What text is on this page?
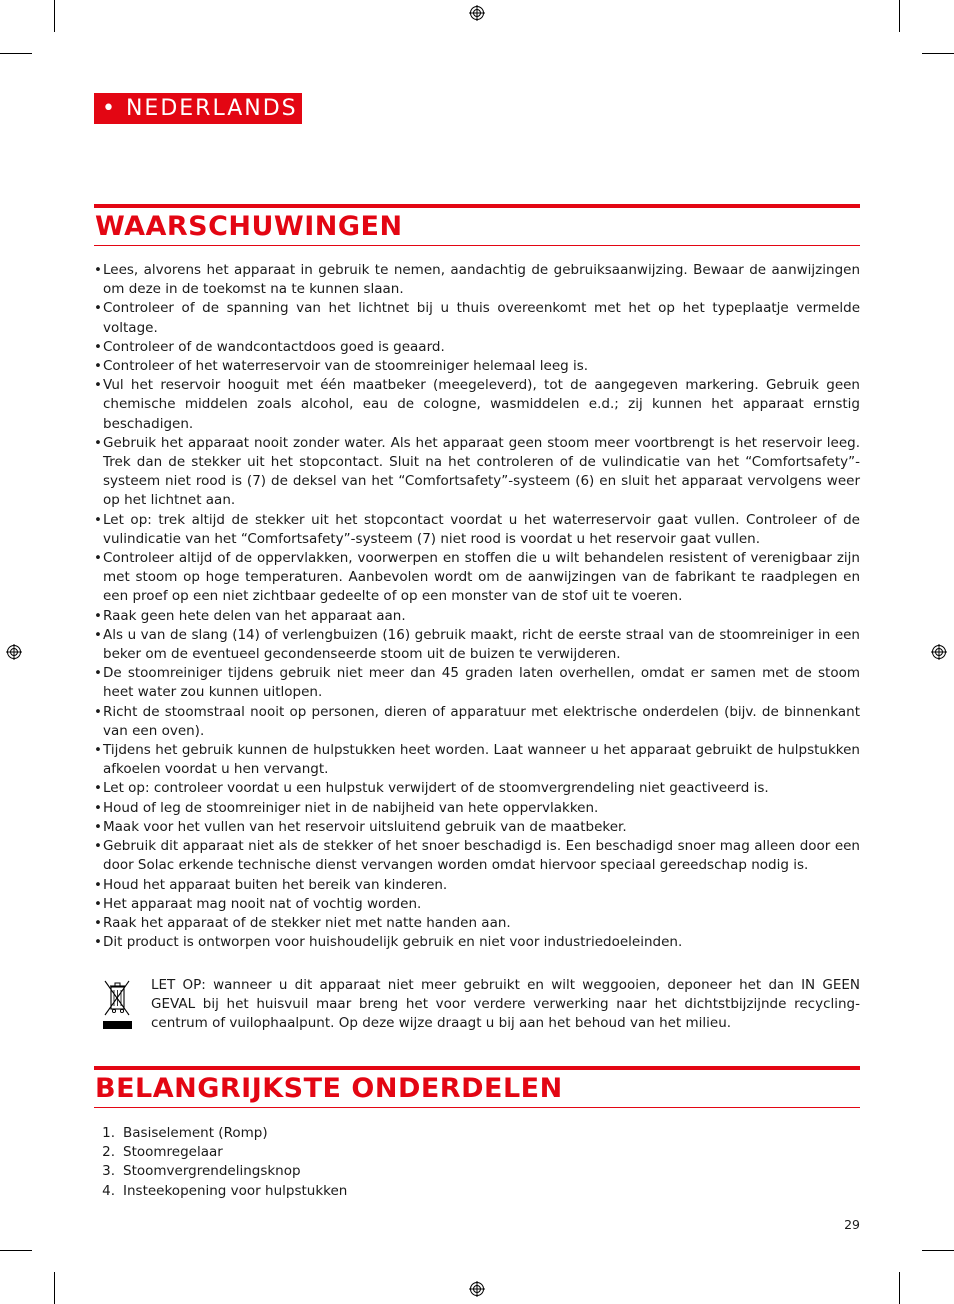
• NEDERLANDS
WAARSCHUWINGEN
• Lees, alvorens het apparaat in gebruik te nemen, aandachtig de gebruiksaanwijzing. Bewaar de aanwijzingen om deze in de toekomst na te kunnen slaan.
• Controleer of de spanning van het lichtnet bij u thuis overeenkomt met het op het typeplaatje vermelde voltage.
• Controleer of de wandcontactdoos goed is geaard.
• Controleer of het waterreservoir van de stoomreiniger helemaal leeg is.
• Vul het reservoir hooguit met één maatbeker (meegeleverd), tot de aangegeven markering. Gebruik geen chemische middelen zoals alcohol, eau de cologne, wasmiddelen e.d.; zij kunnen het apparaat ernstig beschadigen.
• Gebruik het apparaat nooit zonder water. Als het apparaat geen stoom meer voortbrengt is het reservoir leeg. Trek dan de stekker uit het stopcontact. Sluit na het controleren of de vulindicatie van het “Comfortsafety”-systeem niet rood is (7) de deksel van het “Comfortsafety”-systeem (6) en sluit het apparaat vervolgens weer op het lichtnet aan.
• Let op: trek altijd de stekker uit het stopcontact voordat u het waterreservoir gaat vullen. Controleer of de vulindicatie van het “Comfortsafety”-systeem (7) niet rood is voordat u het reservoir gaat vullen.
• Controleer altijd of de oppervlakken, voorwerpen en stoffen die u wilt behandelen resistent of verenigbaar zijn met stoom op hoge temperaturen. Aanbevolen wordt om de aanwijzingen van de fabrikant te raadplegen en een proef op een niet zichtbaar gedeelte of op een monster van de stof uit te voeren.
• Raak geen hete delen van het apparaat aan.
• Als u van de slang (14) of verlengbuizen (16) gebruik maakt, richt de eerste straal van de stoomreiniger in een beker om de eventueel gecondenseerde stoom uit de buizen te verwijderen.
• De stoomreiniger tijdens gebruik niet meer dan 45 graden laten overhellen, omdat er samen met de stoom heet water zou kunnen uitlopen.
• Richt de stoomstraal nooit op personen, dieren of apparatuur met elektrische onderdelen (bijv. de binnenkant van een oven).
• Tijdens het gebruik kunnen de hulpstukken heet worden. Laat wanneer u het apparaat gebruikt de hulpstukken afkoelen voordat u hen vervangt.
• Let op: controleer voordat u een hulpstuk verwijdert of de stoomvergrendeling niet geactiveerd is.
• Houd of leg de stoomreiniger niet in de nabijheid van hete oppervlakken.
• Maak voor het vullen van het reservoir uitsluitend gebruik van de maatbeker.
• Gebruik dit apparaat niet als de stekker of het snoer beschadigd is. Een beschadigd snoer mag alleen door een door Solac erkende technische dienst vervangen worden omdat hiervoor speciaal gereedschap nodig is.
• Houd het apparaat buiten het bereik van kinderen.
• Het apparaat mag nooit nat of vochtig worden.
• Raak het apparaat of de stekker niet met natte handen aan.
• Dit product is ontworpen voor huishoudelijk gebruik en niet voor industriedoeleinden.
LET OP: wanneer u dit apparaat niet meer gebruikt en wilt weggooien, deponeer het dan IN GEEN GEVAL bij het huisvuil maar breng het voor verdere verwerking naar het dichtstbijzijnde recycling-centrum of vuilophaalpunt. Op deze wijze draagt u bij aan het behoud van het milieu.
BELANGRIJKSTE ONDERDELEN
1. Basiselement (Romp)
2. Stoomregelaar
3. Stoomvergrendelingsknop
4. Insteekopening voor hulpstukken
29
